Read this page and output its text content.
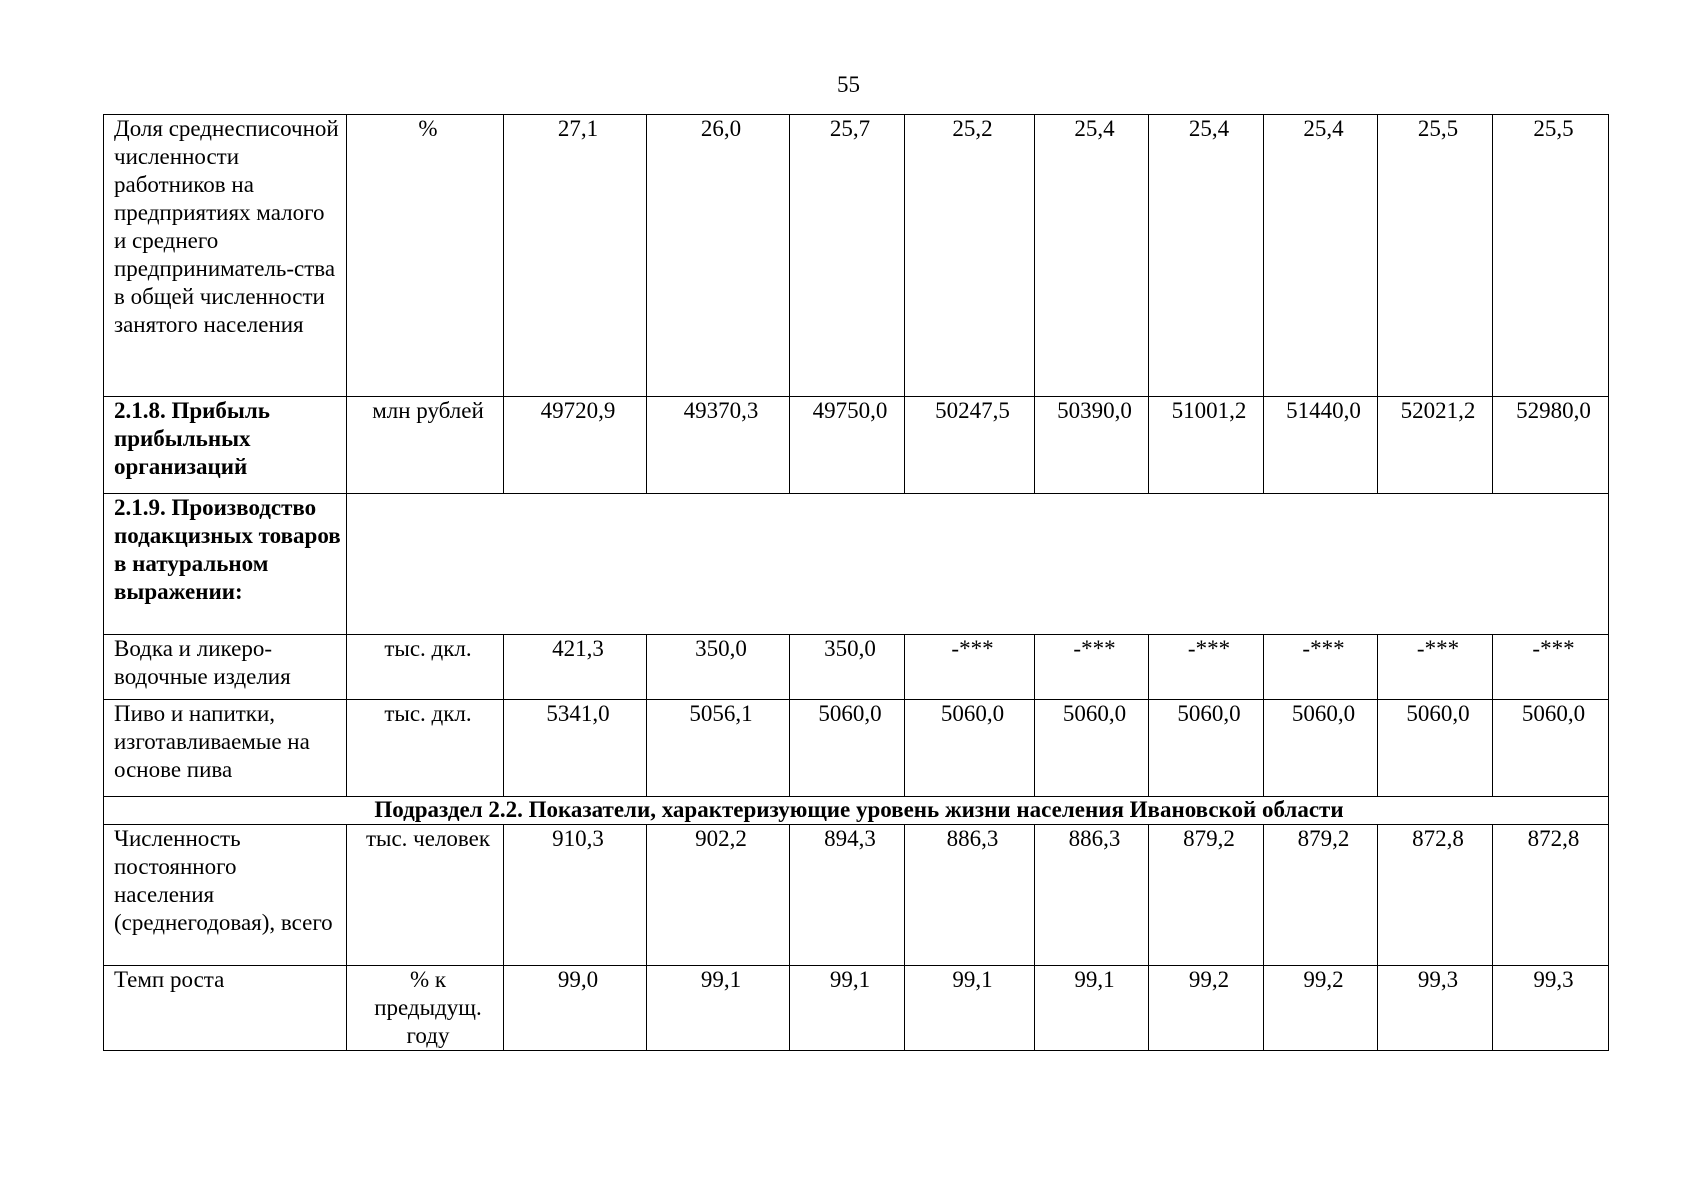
55
Доля среднесписочной численности работников на предприятиях малого и среднего предприниматель-ства в общей численности занятого населения	%	27,1	26,0	25,7	25,2	25,4	25,4	25,4	25,5	25,5
2.1.8. Прибыль прибыльных организаций	млн рублей	49720,9	49370,3	49750,0	50247,5	50390,0	51001,2	51440,0	52021,2	52980,0
2.1.9. Производство подакцизных товаров в натуральном выражении:										
Водка и ликеро-водочные изделия	тыс. дкл.	421,3	350,0	350,0	-***	-***	-***	-***	-***	-***
Пиво и напитки, изготавливаемые на основе пива	тыс. дкл.	5341,0	5056,1	5060,0	5060,0	5060,0	5060,0	5060,0	5060,0	5060,0
Подраздел 2.2. Показатели, характеризующие уровень жизни населения Ивановской области										
Численность постоянного населения (среднегодовая), всего	тыс. человек	910,3	902,2	894,3	886,3	886,3	879,2	879,2	872,8	872,8
Темп роста	% к предыдущ. году	99,0	99,1	99,1	99,1	99,1	99,2	99,2	99,3	99,3
